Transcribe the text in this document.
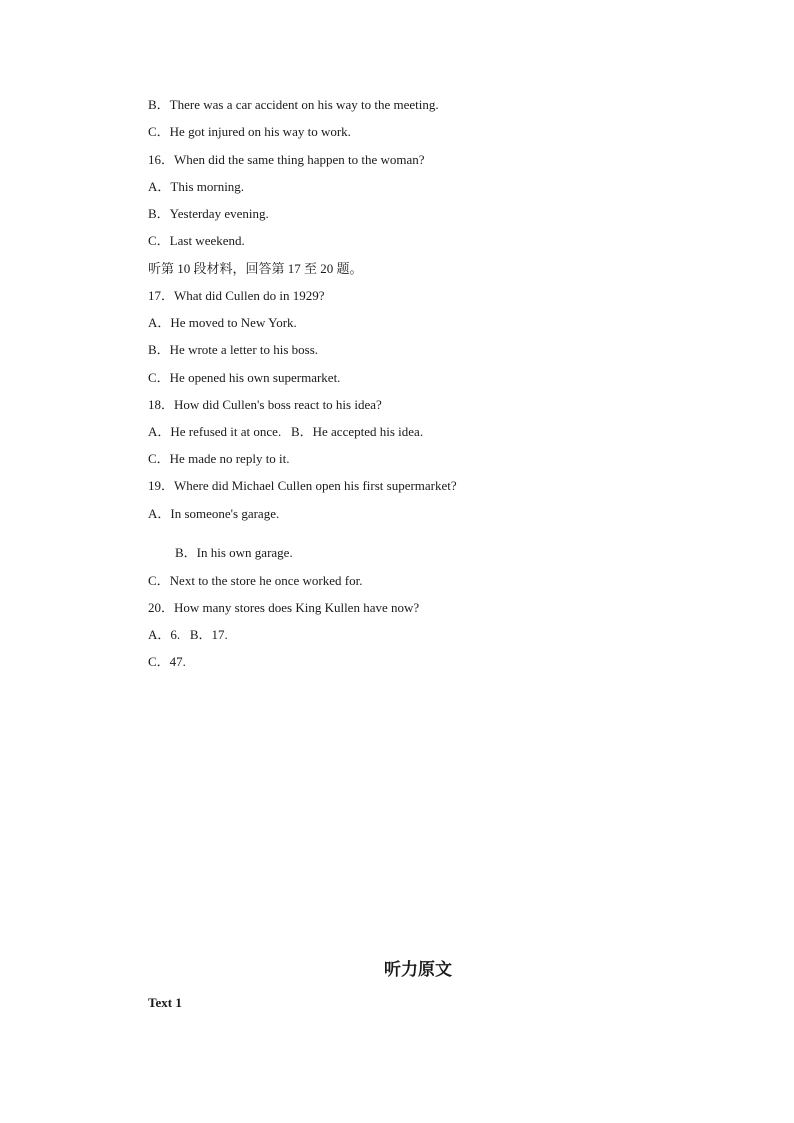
B．There was a car accident on his way to the meeting.
C．He got injured on his way to work.
16．When did the same thing happen to the woman?
A．This morning.
B．Yesterday evening.
C．Last weekend.
听第 10 段材料，回答第 17 至 20 题。
17．What did Cullen do in 1929?
A．He moved to New York.
B．He wrote a letter to his boss.
C．He opened his own supermarket.
18．How did Cullen's boss react to his idea?
A．He refused it at once.   B．He accepted his idea.
C．He made no reply to it.
19．Where did Michael Cullen open his first supermarket?
A．In someone's garage.
B．In his own garage.
C．Next to the store he once worked for.
20．How many stores does King Kullen have now?
A．6.   B．17.
C．47.
听力原文
Text 1
